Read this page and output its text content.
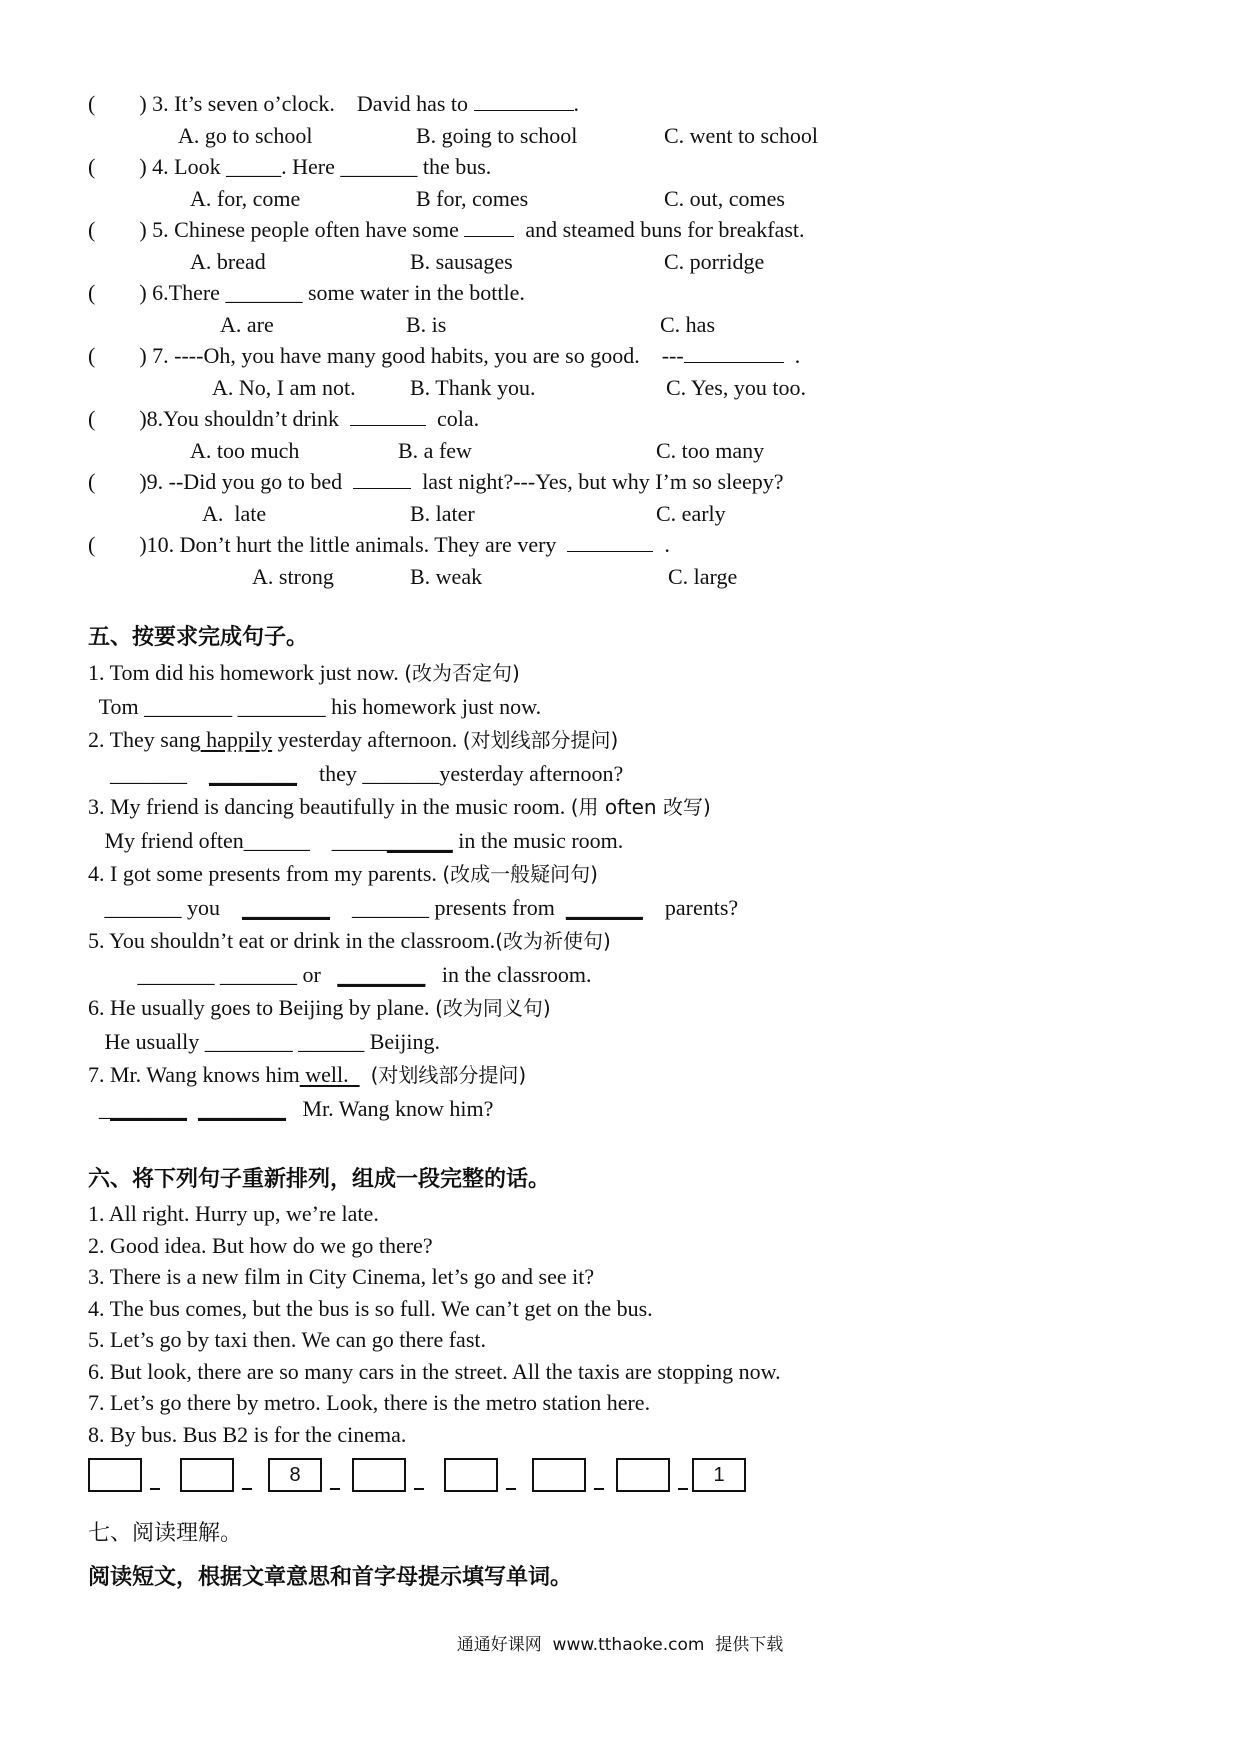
(        ) 3. It’s seven o’clock.    David has to	.
A. go to school	B. going to school	C. went to school
(        ) 4. Look _____. Here _______ the bus.
A. for, come	B for, comes	C. out, comes
(        ) 5. Chinese people often have some   and steamed buns for breakfast.
A. bread	B. sausages	C. porridge
(        ) 6.There _______ some water in the bottle.
A. are	B. is	C. has
(        ) 7. ----Oh, you have many good habits, you are so good.    ---	.
A. No, I am not. B. Thank you.	C. Yes, you too.
(        )8.You shouldn’t drink	cola.
A. too much	B. a few	C. too many
(        )9. --Did you go to bed	last night?---Yes, but why I’m so sleepy?
A.  late	B. later	C. early
(        )10. Don’t hurt the little animals. They are very	.
A. strong	B. weak	C. large
五、按要求完成句子。
1. Tom did his homework just now. (改为否定句)
Tom ________ ________ his homework just now.
2. They sang happily yesterday afternoon. (对划线部分提问)
_______    ________    they _______yesterday afternoon?
3. My friend is dancing beautifully in the music room. (用 often 改写)
My friend often______    ___________ in the music room.
4. I got some presents from my parents. (改成一般疑问句)
_______ you    ________    _______ presents from  _______    parents?
5. You shouldn’t eat or drink in the classroom.(改为祈使句)
_______ _______ or   ________   in the classroom.
6. He usually goes to Beijing by plane. (改为同义句)
He usually ________ ______ Beijing.
7. Mr. Wang knows him well.    (对划线部分提问)
________ ________   Mr. Wang know him?
六、将下列句子重新排列，组成一段完整的话。
1. All right. Hurry up, we’re late.
2. Good idea. But how do we go there?
3. There is a new film in City Cinema, let’s go and see it?
4. The bus comes, but the bus is so full. We can’t get on the bus.
5. Let’s go by taxi then. We can go there fast.
6. But look, there are so many cars in the street. All the taxis are stopping now.
7. Let’s go there by metro. Look, there is the metro station here.
8. By bus. Bus B2 is for the cinema.
8	1
七、阅读理解。
阅读短文，根据文章意思和首字母提示填写单词。
通通好课网  www.tthaoke.com  提供下载
